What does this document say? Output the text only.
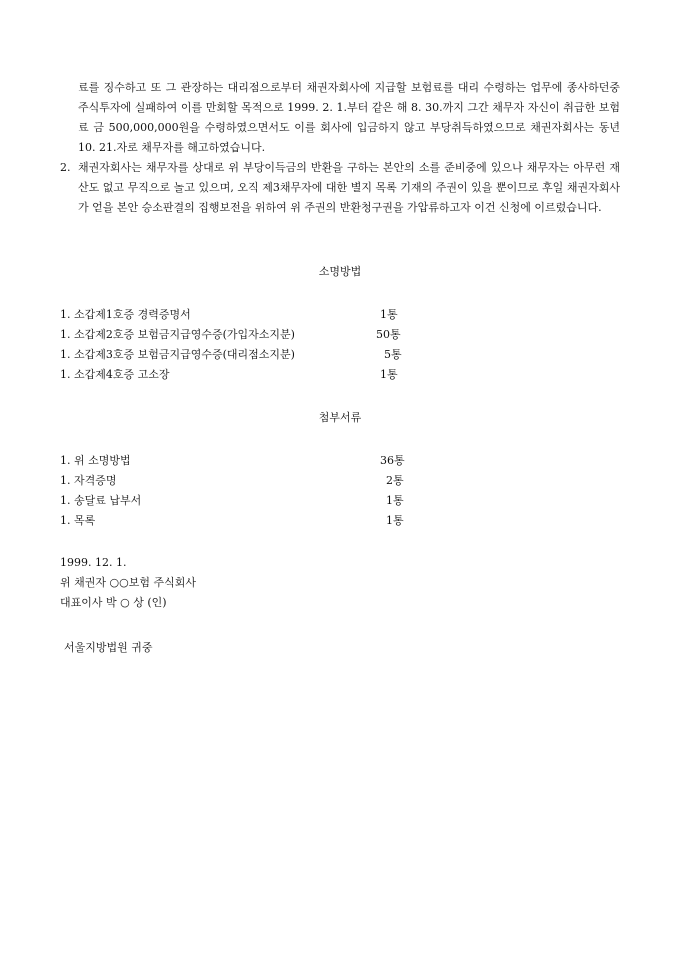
료를 징수하고 또 그 관장하는 대리점으로부터 채권자회사에 지급할 보험료를 대리 수령하는 업무에 종사하던중 주식투자에 실패하여 이를 만회할 목적으로 1999. 2. 1.부터 같은 해 8. 30.까지 그간 채무자 자신이 취급한 보험료 금 500,000,000원을 수령하였으면서도 이를 회사에 입금하지 않고 부당취득하였으므로 채권자회사는 동년 10. 21.자로 채무자를 해고하였습니다.
2. 채권자회사는 채무자를 상대로 위 부당이득금의 반환을 구하는 본안의 소를 준비중에 있으나 채무자는 아무런 재산도 없고 무직으로 놀고 있으며, 오직 제3채무자에 대한 별지 목록 기재의 주권이 있을 뿐이므로 후일 채권자회사가 얻을 본안 승소판결의 집행보전을 위하여 위 주권의 반환청구권을 가압류하고자 이건 신청에 이르렀습니다.
소명방법
1. 소갑제1호증 경력증명서	1통
1. 소갑제2호증 보험금지급영수증(가입자소지분)	50통
1. 소갑제3호증 보험금지급영수증(대리점소지분)	5통
1. 소갑제4호증 고소장	1통
첨부서류
1. 위 소명방법	36통
1. 자격증명	2통
1. 송달료 납부서	1통
1. 목록	1통
1999. 12. 1.
위 채권자 ○○보험 주식회사
대표이사 박 ○ 상 (인)
서울지방법원 귀중
